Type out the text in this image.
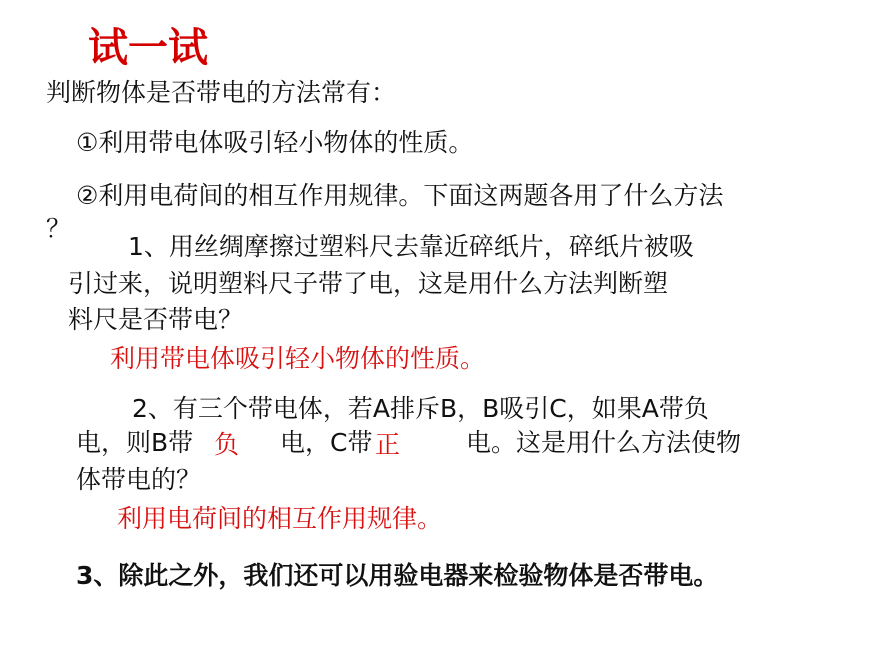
试一试
判断物体是否带电的方法常有：
①利用带电体吸引轻小物体的性质。
②利用电荷间的相互作用规律。下面这两题各用了什么方法
？
1、用丝绸摩擦过塑料尺去靠近碎纸片，碎纸片被吸
引过来，说明塑料尺子带了电，这是用什么方法判断塑
料尺是否带电？
利用带电体吸引轻小物体的性质。
2、有三个带电体，若A排斥B，B吸引C，如果A带负
电，则B带 负 电，C带 正	电。这是用什么方法使物
体带电的？
利用电荷间的相互作用规律。
3、除此之外，我们还可以用验电器来检验物体是否带电。
